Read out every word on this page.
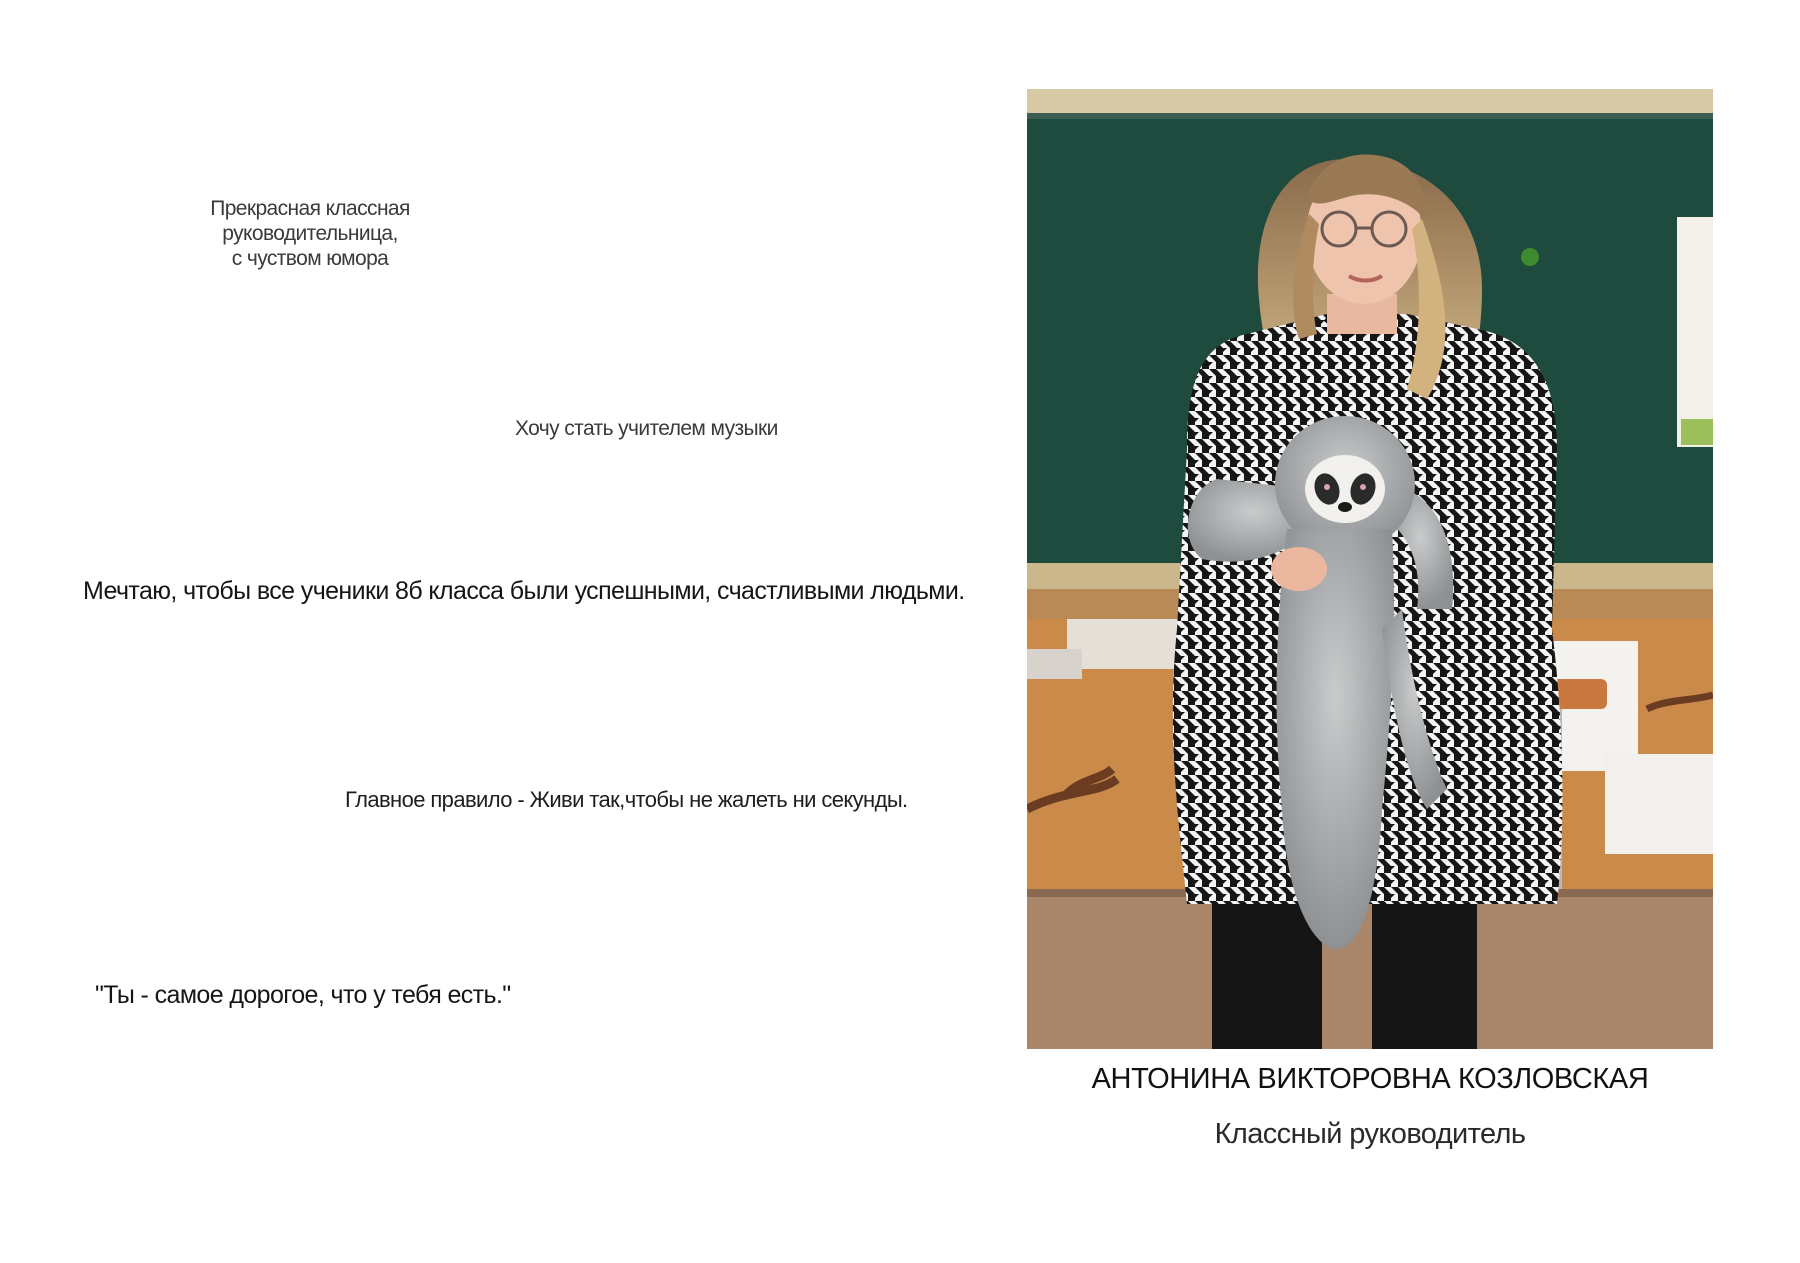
Прекрасная классная руководительница,
с чуством юмора
Хочу стать учителем музыки
Мечтаю, чтобы все ученики 8б класса были успешными, счастливыми людьми.
Главное правило - Живи так,чтобы не жалеть ни секунды.
"Ты - самое дорогое, что у тебя есть."
АНТОНИНА ВИКТОРОВНА КОЗЛОВСКАЯ
Классный руководитель
